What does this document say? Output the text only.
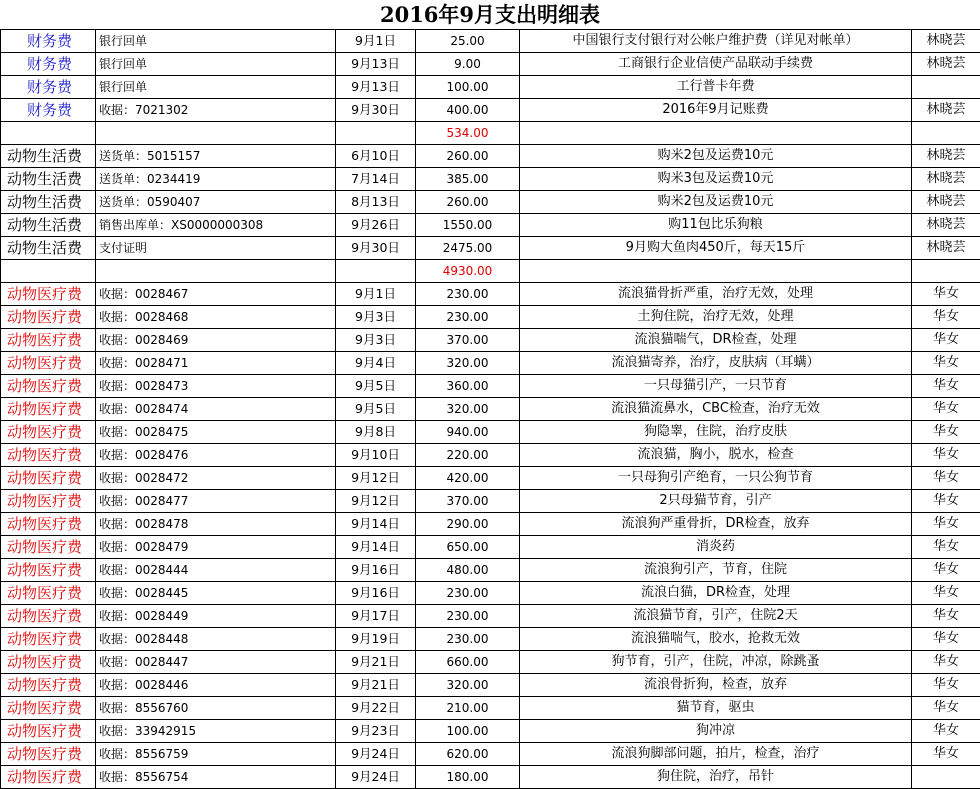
2016年9月支出明细表
财务费	银行回单	9月1日	25.00	中国银行支付银行对公帐户维护费（详见对帐单）	林晓芸
财务费	银行回单	9月13日	9.00	工商银行企业信使产品联动手续费	林晓芸
财务费	银行回单	9月13日	100.00	工行普卡年费	
财务费	收据：7021302	9月30日	400.00	2016年9月记账费	林晓芸
			534.00		
动物生活费	送货单：5015157	6月10日	260.00	购米2包及运费10元	林晓芸
动物生活费	送货单：0234419	7月14日	385.00	购米3包及运费10元	林晓芸
动物生活费	送货单：0590407	8月13日	260.00	购米2包及运费10元	林晓芸
动物生活费	销售出库单：XS0000000308	9月26日	1550.00	购11包比乐狗粮	林晓芸
动物生活费	支付证明	9月30日	2475.00	9月购大鱼肉450斤，每天15斤	林晓芸
			4930.00		
动物医疗费	收据：0028467	9月1日	230.00	流浪猫骨折严重，治疗无效，处理	华女
动物医疗费	收据：0028468	9月3日	230.00	土狗住院，治疗无效，处理	华女
动物医疗费	收据：0028469	9月3日	370.00	流浪猫喘气，DR检查，处理	华女
动物医疗费	收据：0028471	9月4日	320.00	流浪猫寄养，治疗，皮肤病（耳螨）	华女
动物医疗费	收据：0028473	9月5日	360.00	一只母猫引产，一只节育	华女
动物医疗费	收据：0028474	9月5日	320.00	流浪猫流鼻水，CBC检查，治疗无效	华女
动物医疗费	收据：0028475	9月8日	940.00	狗隐睾，住院，治疗皮肤	华女
动物医疗费	收据：0028476	9月10日	220.00	流浪猫，胸小，脱水，检查	华女
动物医疗费	收据：0028472	9月12日	420.00	一只母狗引产绝育，一只公狗节育	华女
动物医疗费	收据：0028477	9月12日	370.00	2只母猫节育，引产	华女
动物医疗费	收据：0028478	9月14日	290.00	流浪狗严重骨折，DR检查，放弃	华女
动物医疗费	收据：0028479	9月14日	650.00	消炎药	华女
动物医疗费	收据：0028444	9月16日	480.00	流浪狗引产，节育，住院	华女
动物医疗费	收据：0028445	9月16日	230.00	流浪白猫，DR检查，处理	华女
动物医疗费	收据：0028449	9月17日	230.00	流浪猫节育，引产，住院2天	华女
动物医疗费	收据：0028448	9月19日	230.00	流浪猫喘气，胶水，抢救无效	华女
动物医疗费	收据：0028447	9月21日	660.00	狗节育，引产，住院，冲凉，除跳蚤	华女
动物医疗费	收据：0028446	9月21日	320.00	流浪骨折狗，检查，放弃	华女
动物医疗费	收据：8556760	9月22日	210.00	猫节育，驱虫	华女
动物医疗费	收据：33942915	9月23日	100.00	狗冲凉	华女
动物医疗费	收据：8556759	9月24日	620.00	流浪狗脚部问题，拍片，检查，治疗	华女
动物医疗费	收据：8556754	9月24日	180.00	狗住院，治疗，吊针	
